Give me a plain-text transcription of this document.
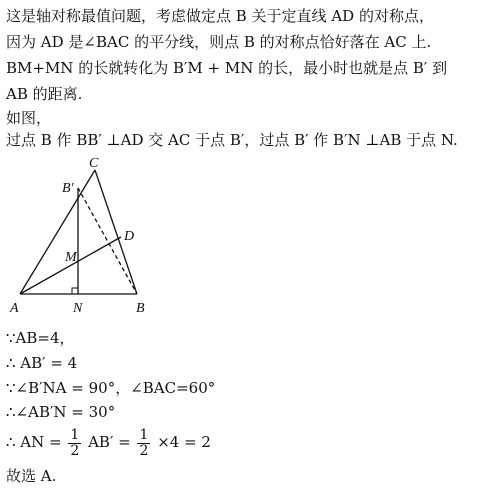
这是轴对称最值问题，考虑做定点 B 关于定直线 AD 的对称点，
因为 AD 是∠BAC 的平分线，则点 B 的对称点恰好落在 AC 上.
BM+MN 的长就转化为 B′M + MN 的长，最小时也就是点 B′ 到
AB 的距离.
如图，
过点 B 作 BB′ ⊥AD 交 AC 于点 B′，过点 B′ 作 B′N ⊥AB 于点 N.
C
B′
D
M
A	N	B
∵AB=4，
∴ AB′ = 4
∵∠B′NA = 90°，∠BAC=60°
∴∠AB′N = 30°
∴ AN = $\frac{1}{2} AB' = \frac{1}{2} \times 4 = 2$
故选 A.
